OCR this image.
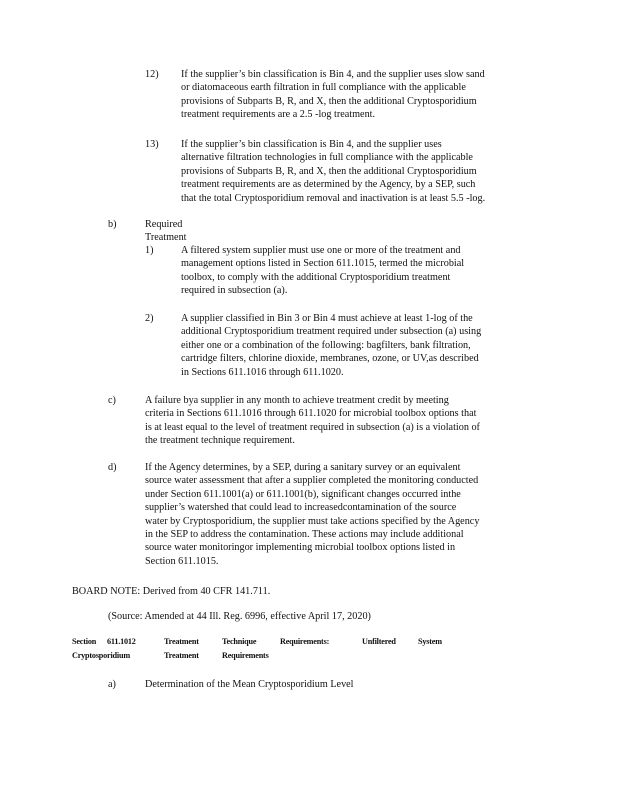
12) If the supplier’s bin classification is Bin 4, and the supplier uses slow sand
or diatomaceous earth filtration in full compliance with the applicable
provisions of Subparts B, R, and X, then the additional Cryptosporidium
treatment requirements are a 2.5 -log treatment.
13) If the supplier’s bin classification is Bin 4, and the supplier uses
alternative filtration technologies in full compliance with the applicable
provisions of Subparts B, R, and X, then the additional Cryptosporidium
treatment requirements are as determined by the Agency, by a SEP, such
that the total Cryptosporidium removal and inactivation is at least 5.5 -log.
b)	Required Treatment
1)	A filtered system supplier must use one or more of the treatment and
management options listed in Section 611.1015, termed the microbial
toolbox, to comply with the additional Cryptosporidium treatment
required in subsection (a).
2)	A supplier classified in Bin 3 or Bin 4 must achieve at least 1-log of the
additional Cryptosporidium treatment required under subsection (a) using
either one or a combination of the following: bagfilters, bank filtration,
cartridge filters, chlorine dioxide, membranes, ozone, or UV,as described
in Sections 611.1016 through 611.1020.
c)	A failure bya supplier in any month to achieve treatment credit by meeting
criteria in Sections 611.1016 through 611.1020 for microbial toolbox options that
is at least equal to the level of treatment required in subsection (a) is a violation of
the treatment technique requirement.
d)	If the Agency determines, by a SEP, during a sanitary survey or an equivalent
source water assessment that after a supplier completed the monitoring conducted
under Section 611.1001(a) or 611.1001(b), significant changes occurred inthe
supplier’s watershed that could lead to increasedcontamination of the source
water by Cryptosporidium, the supplier must take actions specified by the Agency
in the SEP to address the contamination. These actions may include additional
source water monitoringor implementing microbial toolbox options listed in
Section 611.1015.
BOARD NOTE: Derived from 40 CFR 141.711.
(Source: Amended at 44 Ill. Reg. 6996, effective April 17, 2020)
Section 611.1012	Treatment	Technique	Requirements:	Unfiltered	System
Cryptosporidium	Treatment	Requirements
a)	Determination of the Mean Cryptosporidium Level
